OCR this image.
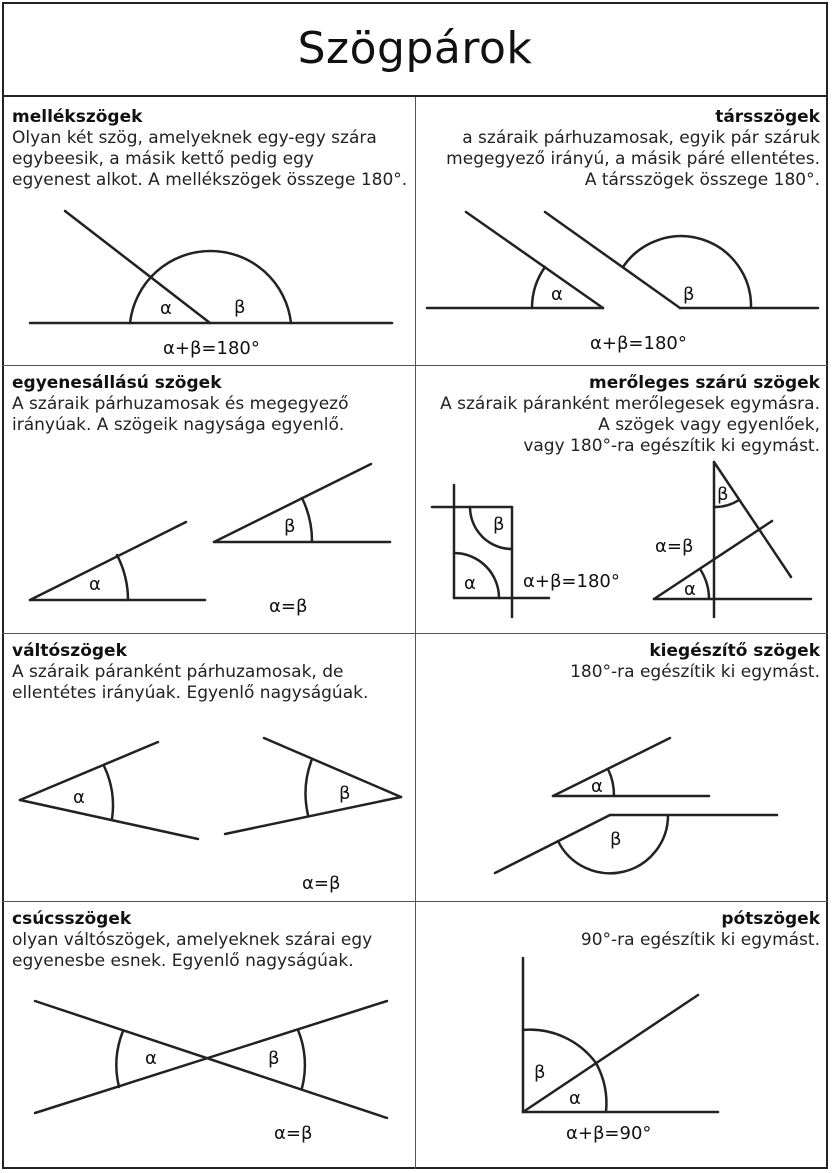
Szögpárok
mellékszögek

Olyan két szög, amelyeknek egy-egy szára

egybeesik, a másik kettő pedig egy

egyenest alkot. A mellékszögek összege 180°.

társszögek

a száraik párhuzamosak, egyik pár száruk

megegyező irányú, a másik páré ellentétes.

A társszögek összege 180°.

egyenesállású szögek

A száraik párhuzamosak és megegyező

irányúak. A szögeik nagysága egyenlő.

merőleges szárú szögek

A száraik páranként merőlegesek egymásra.

A szögek vagy egyenlőek,

vagy 180°-ra egészítik ki egymást.

váltószögek

A száraik páranként párhuzamosak, de

ellentétes irányúak. Egyenlő nagyságúak.

kiegészítő szögek

180°-ra egészítik ki egymást.

csúcsszögek

olyan váltószögek, amelyeknek szárai egy

egyenesbe esnek. Egyenlő nagyságúak.

pótszögek

90°-ra egészítik ki egymást.

α	β
α+β=180°
α	β
α+β=180°
α
β
α=β
β
α	α+β=180°
β
α
α=β
α	β
α=β
α
β
α	β
α=β
β
α
α+β=90°
